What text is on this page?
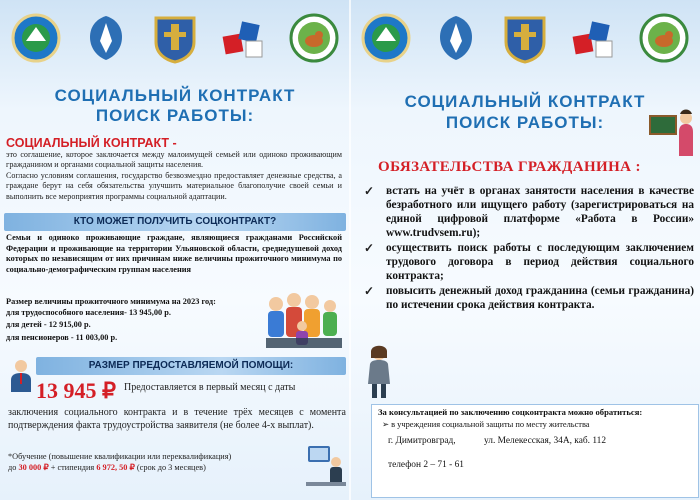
СОЦИАЛЬНЫЙ КОНТРАКТ
ПОИСК РАБОТЫ:
СОЦИАЛЬНЫЙ КОНТРАКТ -
это соглашение, которое заключается между малоимущей семьей или одиноко проживающим гражданином и органами социальной защиты населения.
Согласно условиям соглашения, государство безвозмездно предоставляет денежные средства, а граждане берут на себя обязательства улучшить материальное благополучие своей семьи и выполнить все мероприятия программы социальной адаптации.
КТО МОЖЕТ ПОЛУЧИТЬ СОЦКОНТРАКТ?
Семьи и одиноко проживающие граждане, являющиеся гражданами Российской Федерации и проживающие на территории Ульяновской области, среднедушевой доход которых по независящим от них причинам ниже величины прожиточного минимума по социально-демографическим группам населения
Размер величины прожиточного минимума на 2023 год:
для трудоспособного населения- 13 945,00 р.
для детей - 12 915,00 р.
для пенсионеров - 11 003,00 р.
РАЗМЕР ПРЕДОСТАВЛЯЕМОЙ ПОМОЩИ:
13 945 ₽ Предоставляется в первый месяц с даты
заключения социального контракта и в течение трёх месяцев с момента подтверждения факта трудоустройства заявителя (не более 4-х выплат).
*Обучение (повышение квалификации или переквалификация)
до 30 000 ₽ + стипендия 6 972, 50 ₽ (срок до 3 месяцев)
СОЦИАЛЬНЫЙ КОНТРАКТ
ПОИСК РАБОТЫ:
ОБЯЗАТЕЛЬСТВА ГРАЖДАНИНА :
✓ встать на учёт в органах занятости населения в качестве безработного или ищущего работу (зарегистрироваться на единой цифровой платформе «Работа в России» www.trudvsem.ru);
✓ осуществить поиск работы с последующим заключением трудового договора в период действия социального контракта;
✓ повысить денежный доход гражданина (семьи гражданина) по истечении срока действия контракта.
За консультацией по заключению соцконтракта можно обратиться:
➢ в учреждения социальной защиты по месту жительства
г. Димитровград,	ул. Мелекесская, 34А, каб. 112
телефон 2 – 71 - 61
